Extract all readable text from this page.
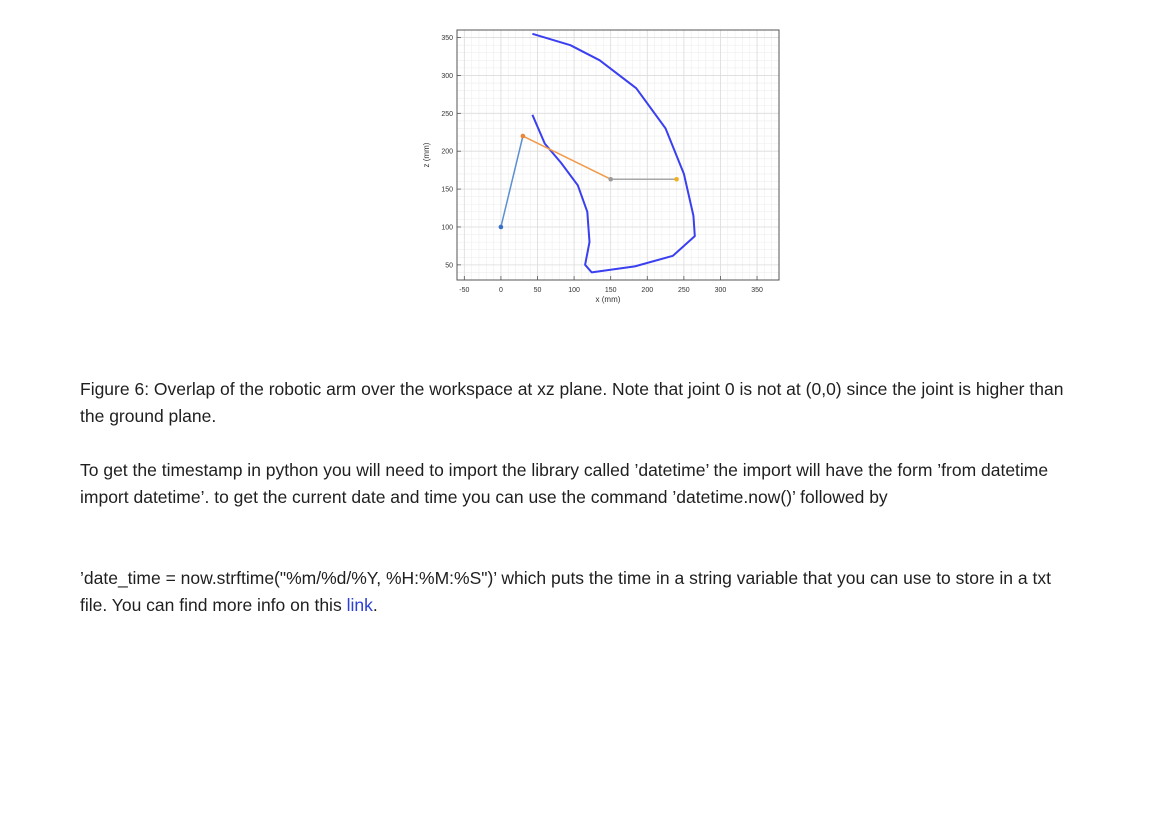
-50	0	50	100	150	200	250	300	350
50
100
150
200
250
300
350
x (mm)
z (mm)

Figure 6: Overlap of the robotic arm over the workspace at xz plane. Note that joint 0 is not at (0,0) since the joint is higher than the ground plane.

To get the timestamp in python you will need to import the library called ’datetime’ the import will have the form ’from datetime import datetime’. to get the current date and time you can use the command ’datetime.now()’ followed by

’date_time = now.strftime("%m/%d/%Y, %H:%M:%S")’ which puts the time in a string variable that you can use to store in a txt file. You can find more info on this link.
